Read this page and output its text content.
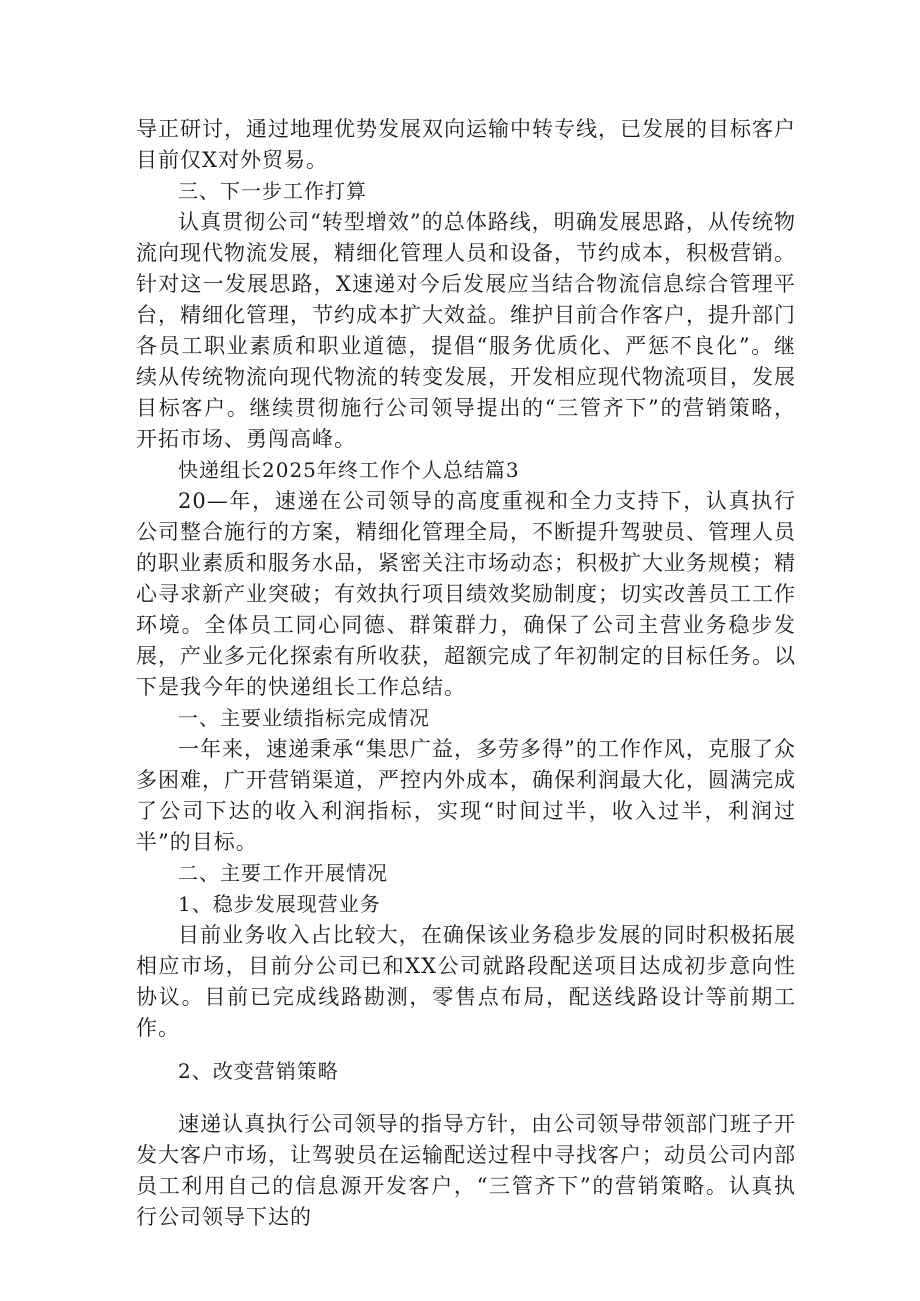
导正研讨，通过地理优势发展双向运输中转专线，已发展的目标客户目前仅X对外贸易。

三、下一步工作打算

认真贯彻公司“转型增效”的总体路线，明确发展思路，从传统物流向现代物流发展，精细化管理人员和设备，节约成本，积极营销。针对这一发展思路，X速递对今后发展应当结合物流信息综合管理平台，精细化管理，节约成本扩大效益。维护目前合作客户，提升部门各员工职业素质和职业道德，提倡“服务优质化、严惩不良化”。继续从传统物流向现代物流的转变发展，开发相应现代物流项目，发展目标客户。继续贯彻施行公司领导提出的“三管齐下”的营销策略，开拓市场、勇闯高峰。

快递组长2025年终工作个人总结篇3

20—年，速递在公司领导的高度重视和全力支持下，认真执行公司整合施行的方案，精细化管理全局，不断提升驾驶员、管理人员的职业素质和服务水品，紧密关注市场动态；积极扩大业务规模；精心寻求新产业突破；有效执行项目绩效奖励制度；切实改善员工工作环境。全体员工同心同德、群策群力，确保了公司主营业务稳步发展，产业多元化探索有所收获，超额完成了年初制定的目标任务。以下是我今年的快递组长工作总结。

一、主要业绩指标完成情况

一年来，速递秉承“集思广益，多劳多得”的工作作风，克服了众多困难，广开营销渠道，严控内外成本，确保利润最大化，圆满完成了公司下达的收入利润指标，实现“时间过半，收入过半，利润过半”的目标。

二、主要工作开展情况

1、稳步发展现营业务

目前业务收入占比较大，在确保该业务稳步发展的同时积极拓展相应市场，目前分公司已和XX公司就路段配送项目达成初步意向性协议。目前已完成线路勘测，零售点布局，配送线路设计等前期工作。

2、改变营销策略

速递认真执行公司领导的指导方针，由公司领导带领部门班子开发大客户市场，让驾驶员在运输配送过程中寻找客户；动员公司内部员工利用自己的信息源开发客户，“三管齐下”的营销策略。认真执行公司领导下达的
